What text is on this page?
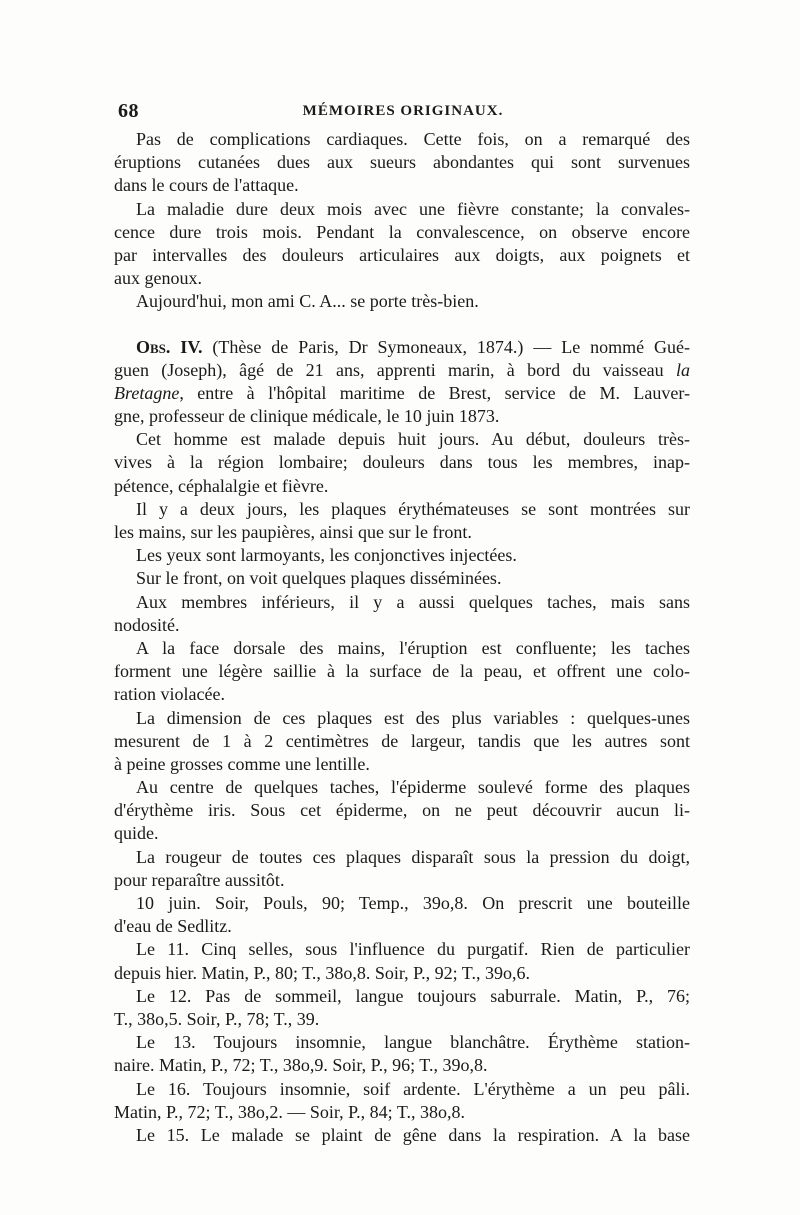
68	MÉMOIRES ORIGINAUX.
Pas de complications cardiaques. Cette fois, on a remarqué des
éruptions cutanées dues aux sueurs abondantes qui sont survenues
dans le cours de l'attaque.
La maladie dure deux mois avec une fièvre constante; la convales-
cence dure trois mois. Pendant la convalescence, on observe encore
par intervalles des douleurs articulaires aux doigts, aux poignets et
aux genoux.
Aujourd'hui, mon ami C. A... se porte très-bien.
Obs. IV. (Thèse de Paris, Dr Symoneaux, 1874.) — Le nommé Gué-
guen (Joseph), âgé de 21 ans, apprenti marin, à bord du vaisseau la
Bretagne, entre à l'hôpital maritime de Brest, service de M. Lauver-
gne, professeur de clinique médicale, le 10 juin 1873.
Cet homme est malade depuis huit jours. Au début, douleurs très-
vives à la région lombaire; douleurs dans tous les membres, inap-
pétence, céphalalgie et fièvre.
Il y a deux jours, les plaques érythémateuses se sont montrées sur
les mains, sur les paupières, ainsi que sur le front.
Les yeux sont larmoyants, les conjonctives injectées.
Sur le front, on voit quelques plaques disséminées.
Aux membres inférieurs, il y a aussi quelques taches, mais sans
nodosité.
A la face dorsale des mains, l'éruption est confluente; les taches
forment une légère saillie à la surface de la peau, et offrent une colo-
ration violacée.
La dimension de ces plaques est des plus variables : quelques-unes
mesurent de 1 à 2 centimètres de largeur, tandis que les autres sont
à peine grosses comme une lentille.
Au centre de quelques taches, l'épiderme soulevé forme des plaques
d'érythème iris. Sous cet épiderme, on ne peut découvrir aucun li-
quide.
La rougeur de toutes ces plaques disparaît sous la pression du doigt,
pour reparaître aussitôt.
10 juin. Soir, Pouls, 90; Temp., 39o,8. On prescrit une bouteille
d'eau de Sedlitz.
Le 11. Cinq selles, sous l'influence du purgatif. Rien de particulier
depuis hier. Matin, P., 80; T., 38o,8. Soir, P., 92; T., 39o,6.
Le 12. Pas de sommeil, langue toujours saburrale. Matin, P., 76;
T., 38o,5. Soir, P., 78; T., 39.
Le 13. Toujours insomnie, langue blanchâtre. Érythème station-
naire. Matin, P., 72; T., 38o,9. Soir, P., 96; T., 39o,8.
Le 16. Toujours insomnie, soif ardente. L'érythème a un peu pâli.
Matin, P., 72; T., 38o,2. — Soir, P., 84; T., 38o,8.
Le 15. Le malade se plaint de gêne dans la respiration. A la base
